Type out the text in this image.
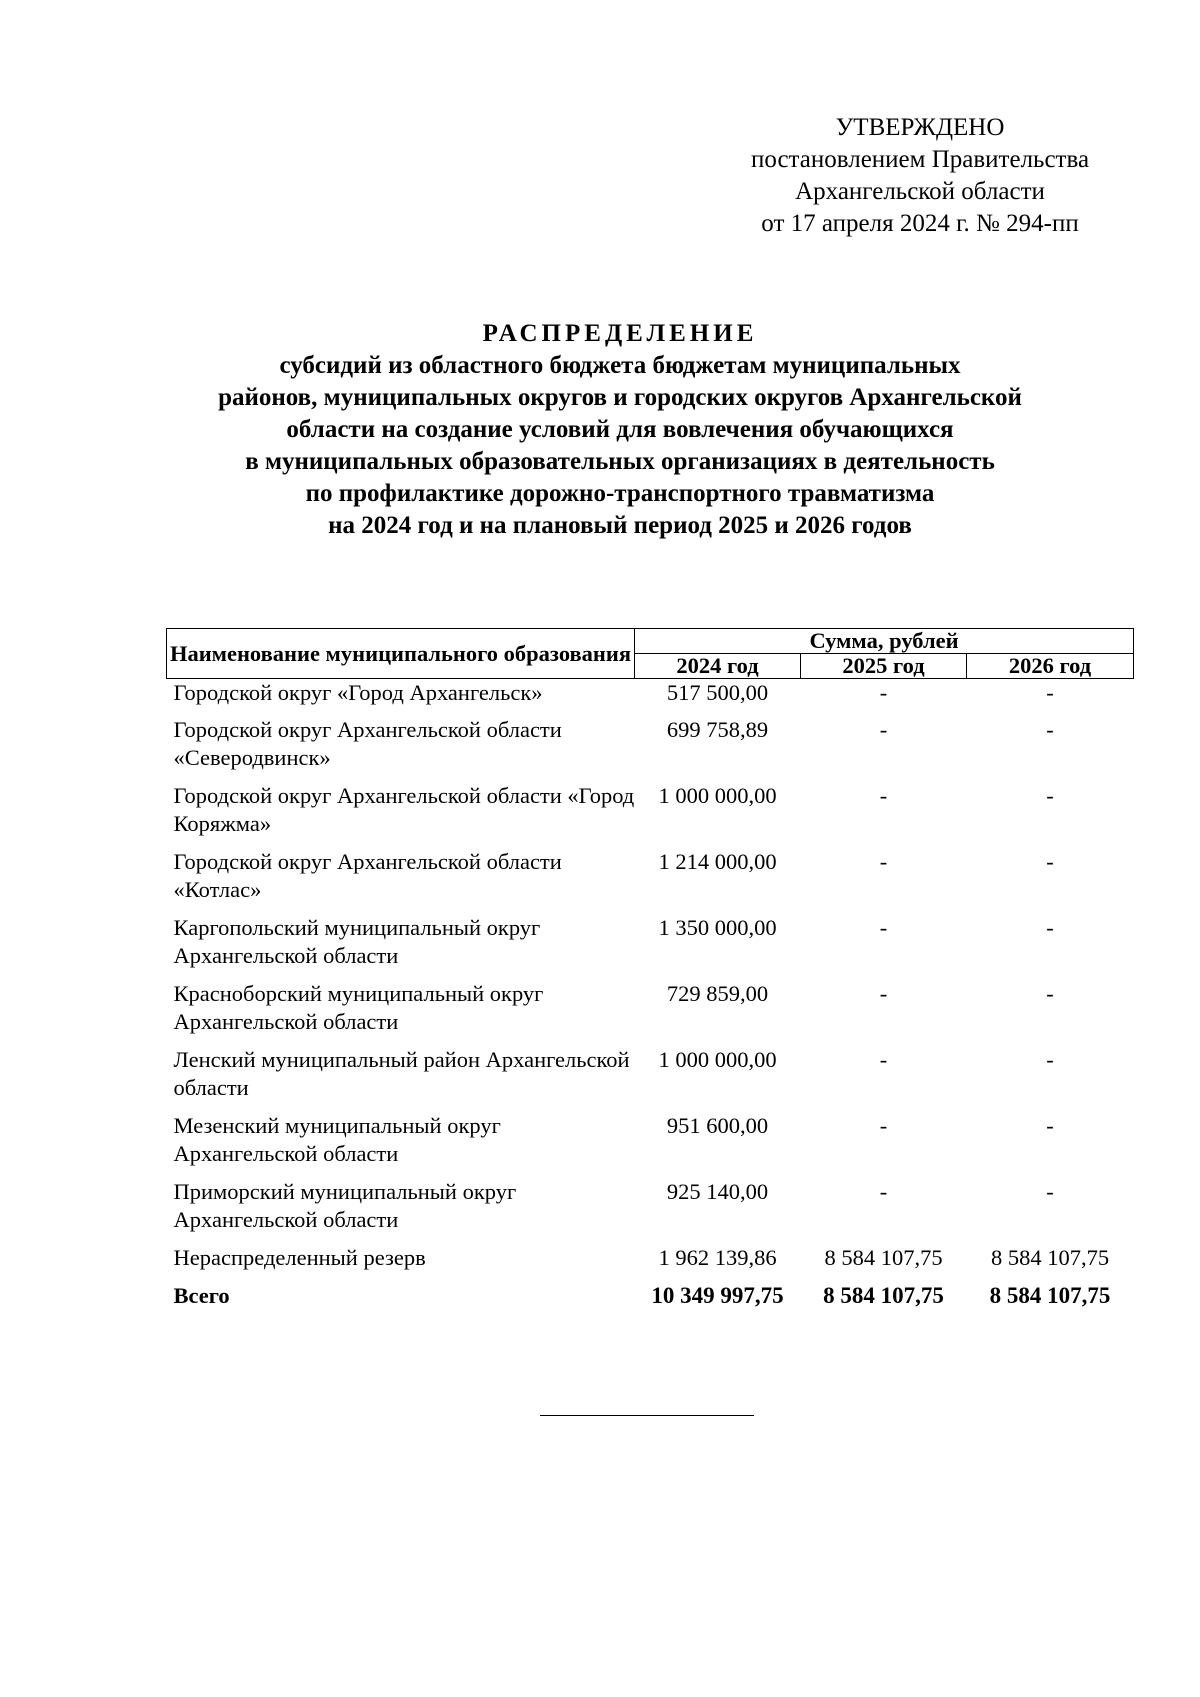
УТВЕРЖДЕНО
постановлением Правительства
Архангельской области
от 17 апреля 2024 г. № 294-пп
РАСПРЕДЕЛЕНИЕ
субсидий из областного бюджета бюджетам муниципальных
районов, муниципальных округов и городских округов Архангельской
области на создание условий для вовлечения обучающихся
в муниципальных образовательных организациях в деятельность
по профилактике дорожно-транспортного травматизма
на 2024 год и на плановый период 2025 и 2026 годов
Наименование муниципального образования	Сумма, рублей		
	2024 год	2025 год	2026 год
Городской округ «Город Архангельск»	517 500,00	-	-
Городской округ Архангельской области «Северодвинск»	699 758,89	-	-
Городской округ Архангельской области «Город Коряжма»	1 000 000,00	-	-
Городской округ Архангельской области «Котлас»	1 214 000,00	-	-
Каргопольский муниципальный округ Архангельской области	1 350 000,00	-	-
Красноборский муниципальный округ Архангельской области	729 859,00	-	-
Ленский муниципальный район Архангельской области	1 000 000,00	-	-
Мезенский муниципальный округ Архангельской области	951 600,00	-	-
Приморский муниципальный округ Архангельской области	925 140,00	-	-
Нераспределенный резерв	1 962 139,86	8 584 107,75	8 584 107,75
Всего	10 349 997,75	8 584 107,75	8 584 107,75
